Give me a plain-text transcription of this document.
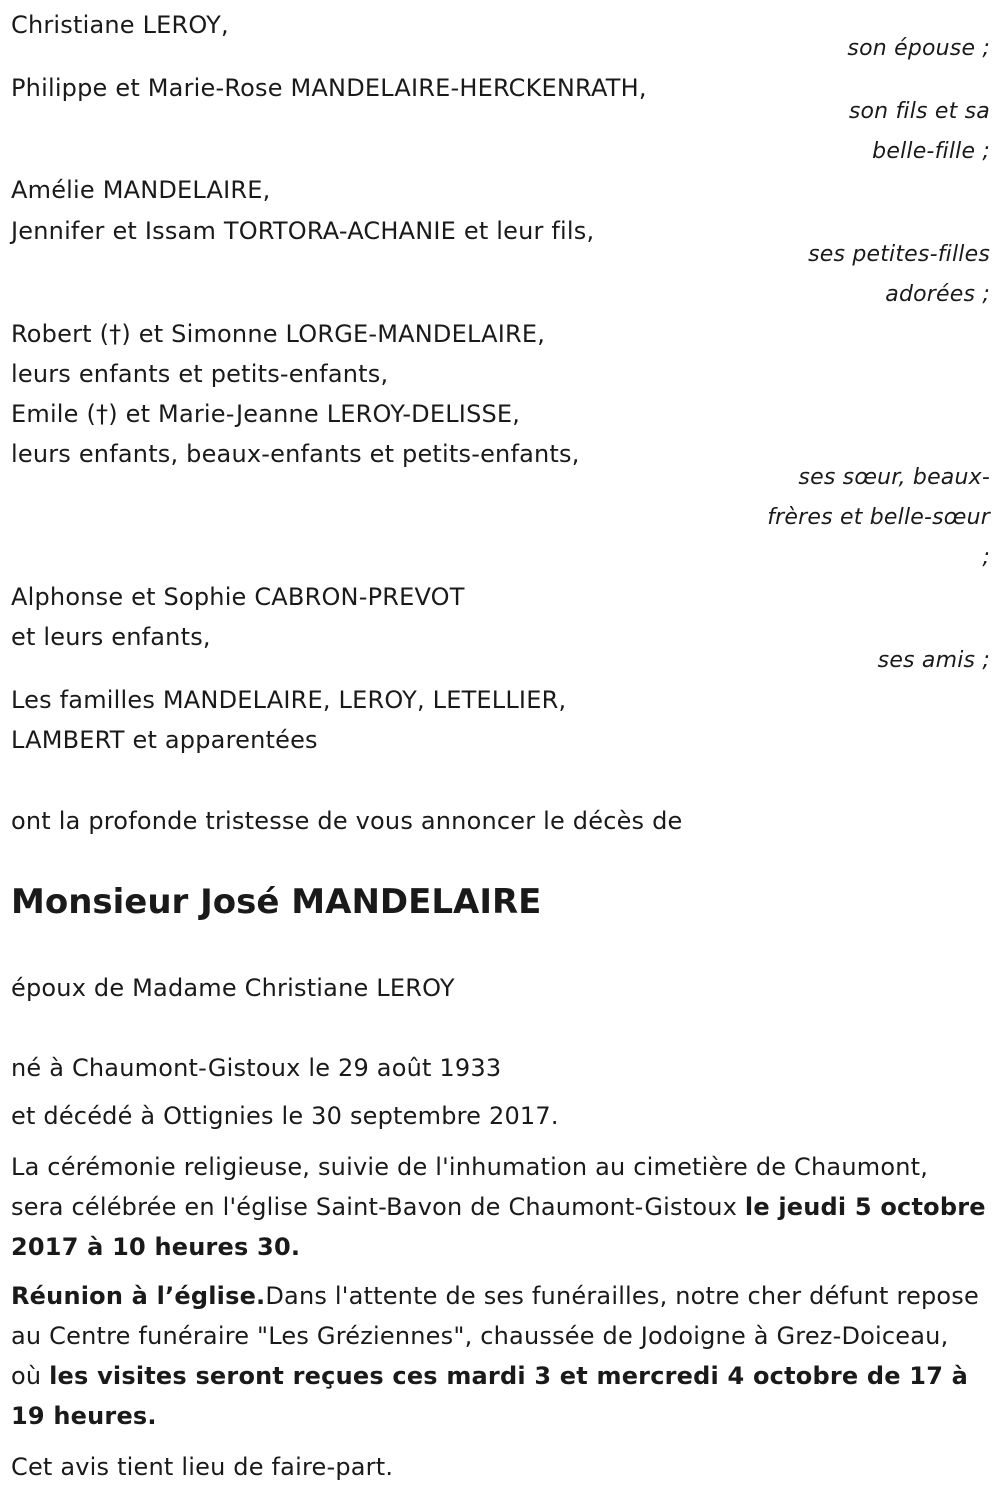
Christiane LEROY,
Philippe et Marie-Rose MANDELAIRE-HERCKENRATH,
Amélie MANDELAIRE,
Jennifer et Issam TORTORA-ACHANIE et leur fils,
Robert (†) et Simonne LORGE-MANDELAIRE,
leurs enfants et petits-enfants,
Emile (†) et Marie-Jeanne LEROY-DELISSE,
leurs enfants, beaux-enfants et petits-enfants,
Alphonse et Sophie CABRON-PREVOT
et leurs enfants,
Les familles MANDELAIRE, LEROY, LETELLIER,
LAMBERT et apparentées
son épouse ;
son fils et sa
belle-fille ;
ses petites-filles
adorées ;
ses sœur, beaux-
frères et belle-sœur
;
ses amis ;
ont la profonde tristesse de vous annoncer le décès de
Monsieur José MANDELAIRE
époux de Madame Christiane LEROY
né à Chaumont-Gistoux le 29 août 1933
et décédé à Ottignies le 30 septembre 2017.
La cérémonie religieuse, suivie de l'inhumation au cimetière de Chaumont, sera célébrée en l'église Saint-Bavon de Chaumont-Gistoux le jeudi 5 octobre 2017 à 10 heures 30.
Réunion à l’église.Dans l'attente de ses funérailles, notre cher défunt repose au Centre funéraire "Les Gréziennes", chaussée de Jodoigne à Grez-Doiceau, où les visites seront reçues ces mardi 3 et mercredi 4 octobre de 17 à 19 heures.
Cet avis tient lieu de faire-part.
